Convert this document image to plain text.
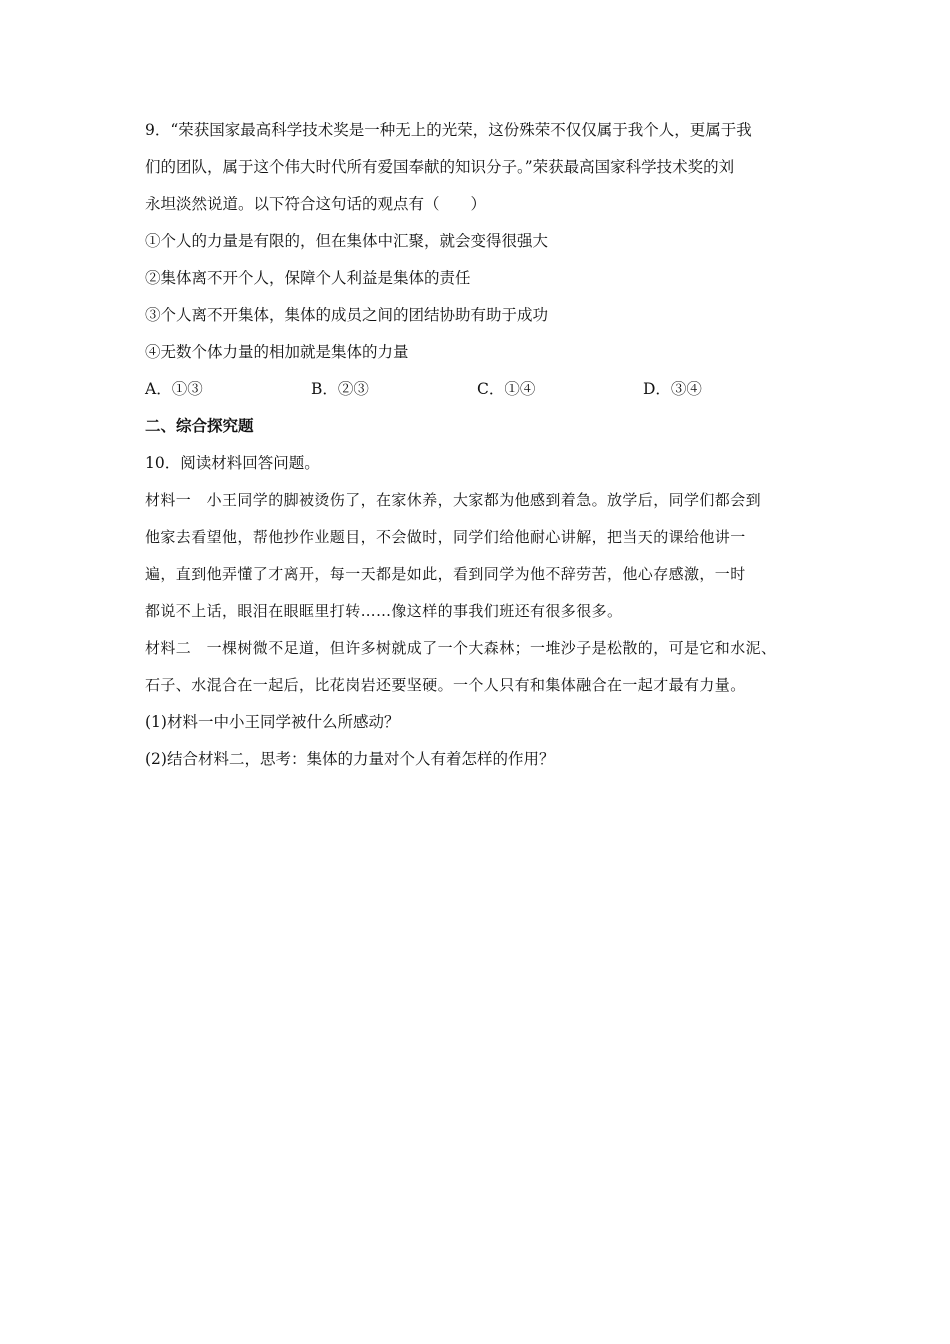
9．“荣获国家最高科学技术奖是一种无上的光荣，这份殊荣不仅仅属于我个人，更属于我
们的团队，属于这个伟大时代所有爱国奉献的知识分子。”荣获最高国家科学技术奖的刘
永坦淡然说道。以下符合这句话的观点有（　　）
①个人的力量是有限的，但在集体中汇聚，就会变得很强大
②集体离不开个人，保障个人利益是集体的责任
③个人离不开集体，集体的成员之间的团结协助有助于成功
④无数个体力量的相加就是集体的力量
A．①③	B．②③	C．①④	D．③④
二、综合探究题
10．阅读材料回答问题。
材料一　小王同学的脚被烫伤了，在家休养，大家都为他感到着急。放学后，同学们都会到
他家去看望他，帮他抄作业题目，不会做时，同学们给他耐心讲解，把当天的课给他讲一
遍，直到他弄懂了才离开，每一天都是如此，看到同学为他不辞劳苦，他心存感激，一时
都说不上话，眼泪在眼眶里打转……像这样的事我们班还有很多很多。
材料二　一棵树微不足道，但许多树就成了一个大森林；一堆沙子是松散的，可是它和水泥、
石子、水混合在一起后，比花岗岩还要坚硬。一个人只有和集体融合在一起才最有力量。
(1)材料一中小王同学被什么所感动？
(2)结合材料二，思考：集体的力量对个人有着怎样的作用？
